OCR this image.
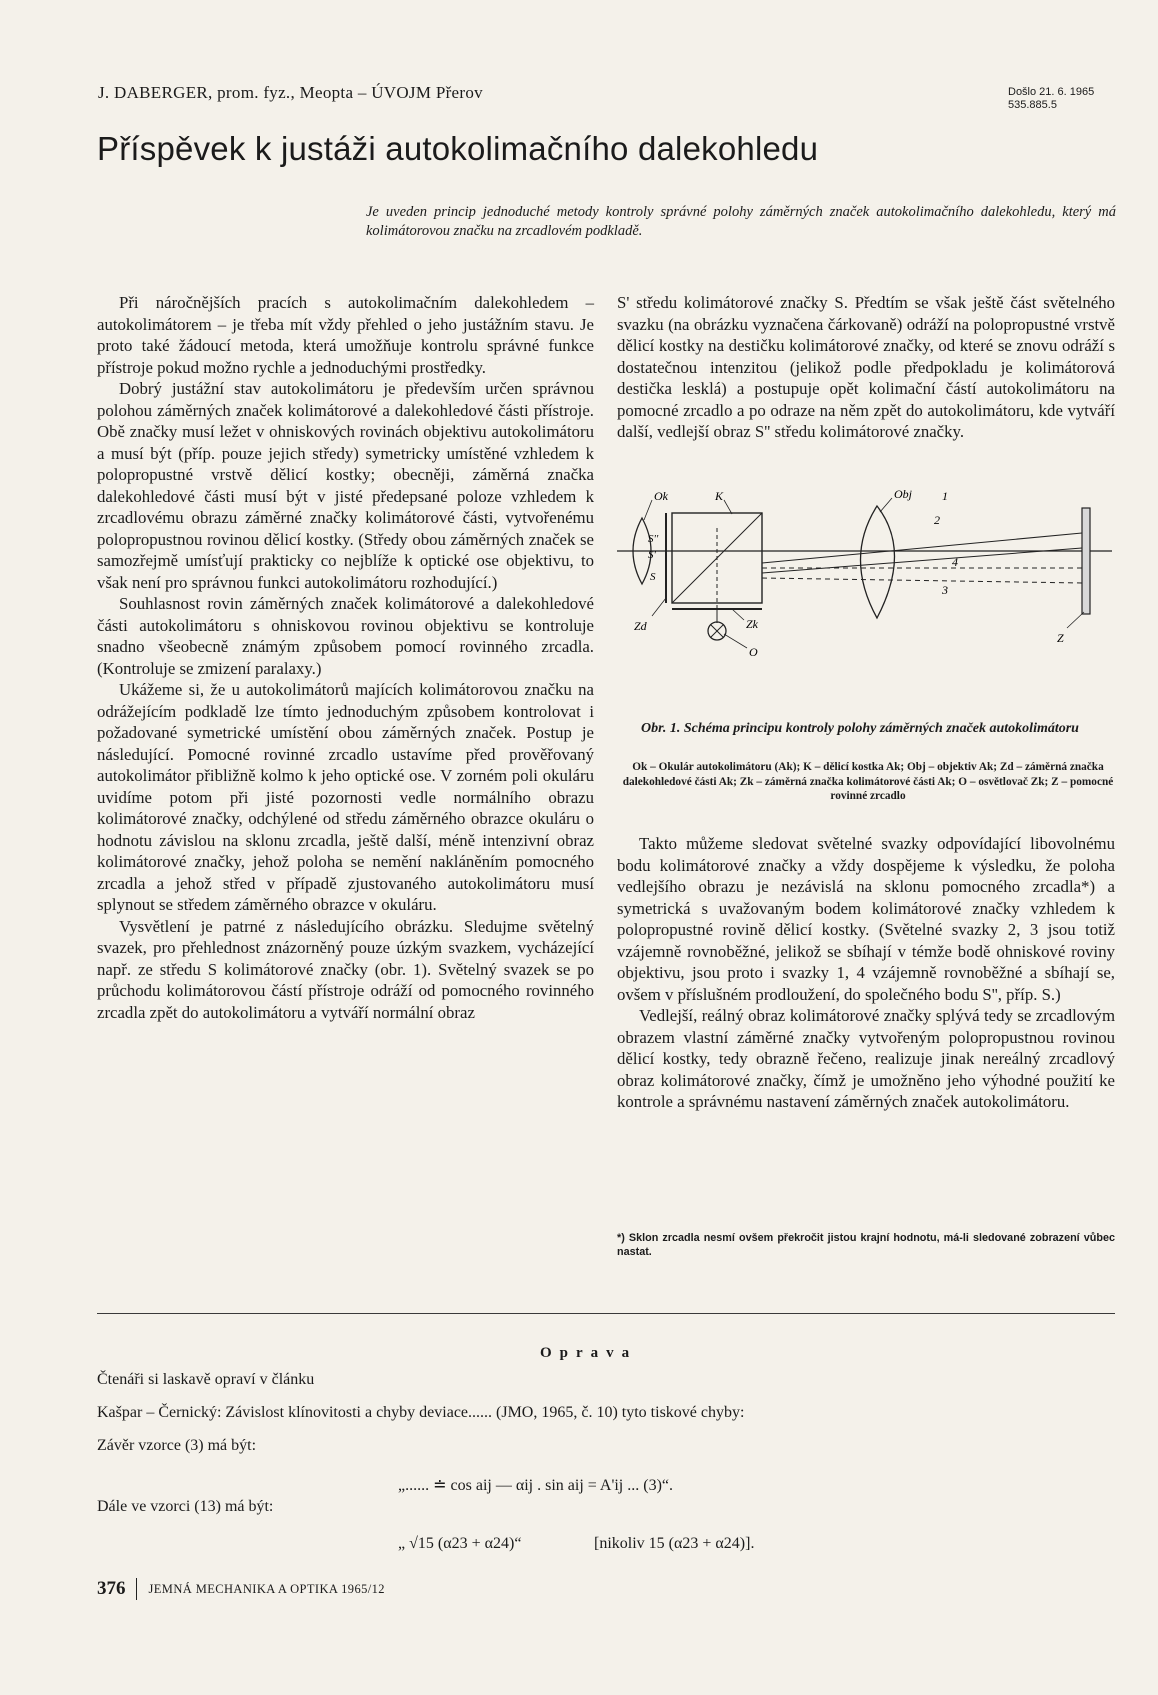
J. DABERGER, prom. fyz., Meopta – ÚVOJM Přerov	Došlo 21. 6. 1965
535.885.5
Příspěvek k justáži autokolimačního dalekohledu
Je uveden princip jednoduché metody kontroly správné polohy záměrných značek autokolimačního dalekohledu, který má kolimátorovou značku na zrcadlovém podkladě.

Při náročnějších pracích s autokolimačním dalekohledem – autokolimátorem – je třeba mít vždy přehled o jeho justážním stavu. Je proto také žádoucí metoda, která umožňuje kontrolu správné funkce přístroje pokud možno rychle a jednoduchými prostředky.

Dobrý justážní stav autokolimátoru je především určen správnou polohou záměrných značek kolimátorové a dalekohledové části přístroje. Obě značky musí ležet v ohniskových rovinách objektivu autokolimátoru a musí být (příp. pouze jejich středy) symetricky umístěné vzhledem k polopropustné vrstvě dělicí kostky; obecněji, záměrná značka dalekohledové části musí být v jisté předepsané poloze vzhledem k zrcadlovému obrazu záměrné značky kolimátorové části, vytvořenému polopropustnou rovinou dělicí kostky. (Středy obou záměrných značek se samozřejmě umísťují prakticky co nejblíže k optické ose objektivu, to však není pro správnou funkci autokolimátoru rozhodující.)

Souhlasnost rovin záměrných značek kolimátorové a dalekohledové části autokolimátoru s ohniskovou rovinou objektivu se kontroluje snadno všeobecně známým způsobem pomocí rovinného zrcadla. (Kontroluje se zmizení paralaxy.)

Ukážeme si, že u autokolimátorů majících kolimátorovou značku na odrážejícím podkladě lze tímto jednoduchým způsobem kontrolovat i požadované symetrické umístění obou záměrných značek. Postup je následující. Pomocné rovinné zrcadlo ustavíme před prověřovaný autokolimátor přibližně kolmo k jeho optické ose. V zorném poli okuláru uvidíme potom při jisté pozornosti vedle normálního obrazu kolimátorové značky, odchýlené od středu záměrného obrazce okuláru o hodnotu závislou na sklonu zrcadla, ještě další, méně intenzivní obraz kolimátorové značky, jehož poloha se nemění nakláněním pomocného zrcadla a jehož střed v případě zjustovaného autokolimátoru musí splynout se středem záměrného obrazce v okuláru.

Vysvětlení je patrné z následujícího obrázku. Sledujme světelný svazek, pro přehlednost znázorněný pouze úzkým svazkem, vycházející např. ze středu S kolimátorové značky (obr. 1). Světelný svazek se po průchodu kolimátorovou částí přístroje odráží od pomocného rovinného zrcadla zpět do autokolimátoru a vytváří normální obraz

S' středu kolimátorové značky S. Předtím se však ještě část světelného svazku (na obrázku vyznačena čárkovaně) odráží na polopropustné vrstvě dělicí kostky na destičku kolimátorové značky, od které se znovu odráží s dostatečnou intenzitou (jelikož podle předpokladu je kolimátorová destička lesklá) a postupuje opět kolimační částí autokolimátoru na pomocné zrcadlo a po odraze na něm zpět do autokolimátoru, kde vytváří další, vedlejší obraz S'' středu kolimátorové značky.

Ok	K	Obj
S
S'
S''
Zd	Zk
O
Z
1
2
3
4
Obr. 1. Schéma principu kontroly polohy záměrných značek autokolimátoru
Ok – Okulár autokolimátoru (Ak); K – dělicí kostka Ak; Obj – objektiv Ak; Zd – záměrná značka dalekohledové části Ak; Zk – záměrná značka kolimátorové části Ak; O – osvětlovač Zk; Z – pomocné rovinné zrcadlo

Takto můžeme sledovat světelné svazky odpovídající libovolnému bodu kolimátorové značky a vždy dospějeme k výsledku, že poloha vedlejšího obrazu je nezávislá na sklonu pomocného zrcadla*) a symetrická s uvažovaným bodem kolimátorové značky vzhledem k polopropustné rovině dělicí kostky. (Světelné svazky 2, 3 jsou totiž vzájemně rovnoběžné, jelikož se sbíhají v témže bodě ohniskové roviny objektivu, jsou proto i svazky 1, 4 vzájemně rovnoběžné a sbíhají se, ovšem v příslušném prodloužení, do společného bodu S'', příp. S.)

Vedlejší, reálný obraz kolimátorové značky splývá tedy se zrcadlovým obrazem vlastní záměrné značky vytvořeným polopropustnou rovinou dělicí kostky, tedy obrazně řečeno, realizuje jinak nereálný zrcadlový obraz kolimátorové značky, čímž je umožněno jeho výhodné použití ke kontrole a správnému nastavení záměrných značek autokolimátoru.

*) Sklon zrcadla nesmí ovšem překročit jistou krajní hodnotu, má-li sledované zobrazení vůbec nastat.
Oprava
Čtenáři si laskavě opraví v článku
Kašpar – Černický: Závislost klínovitosti a chyby deviace...... (JMO, 1965, č. 10) tyto tiskové chyby:
Závěr vzorce (3) má být:
„...... ≐ cos aij — αij . sin aij = A'ij ... (3)“.
Dále ve vzorci (13) má být:
„ √15 (α23 + α24)“	[nikoliv 15 (α23 + α24)].
376 JEMNÁ MECHANIKA A OPTIKA 1965/12
